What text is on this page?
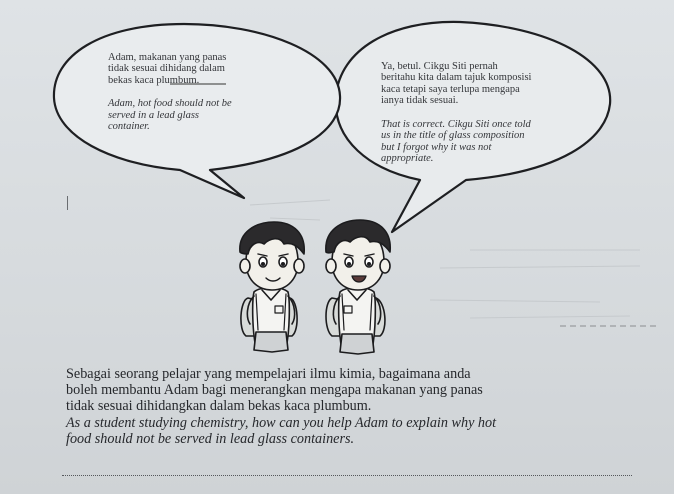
Adam, makanan yang panas
tidak sesuai dihidang dalam
bekas kaca plumbum.

Adam, hot food should not be
served in a lead glass
container.

Ya, betul. Cikgu Siti pernah
beritahu kita dalam tajuk komposisi
kaca tetapi saya terlupa mengapa
ianya tidak sesuai.

That is correct. Cikgu Siti once told
us in the title of glass composition
but I forgot why it was not
appropriate.

Sebagai seorang pelajar yang mempelajari ilmu kimia, bagaimana anda
boleh membantu Adam bagi menerangkan mengapa makanan yang panas
tidak sesuai dihidangkan dalam bekas kaca plumbum.
As a student studying chemistry, how can you help Adam to explain why hot
food should not be served in lead glass containers.
